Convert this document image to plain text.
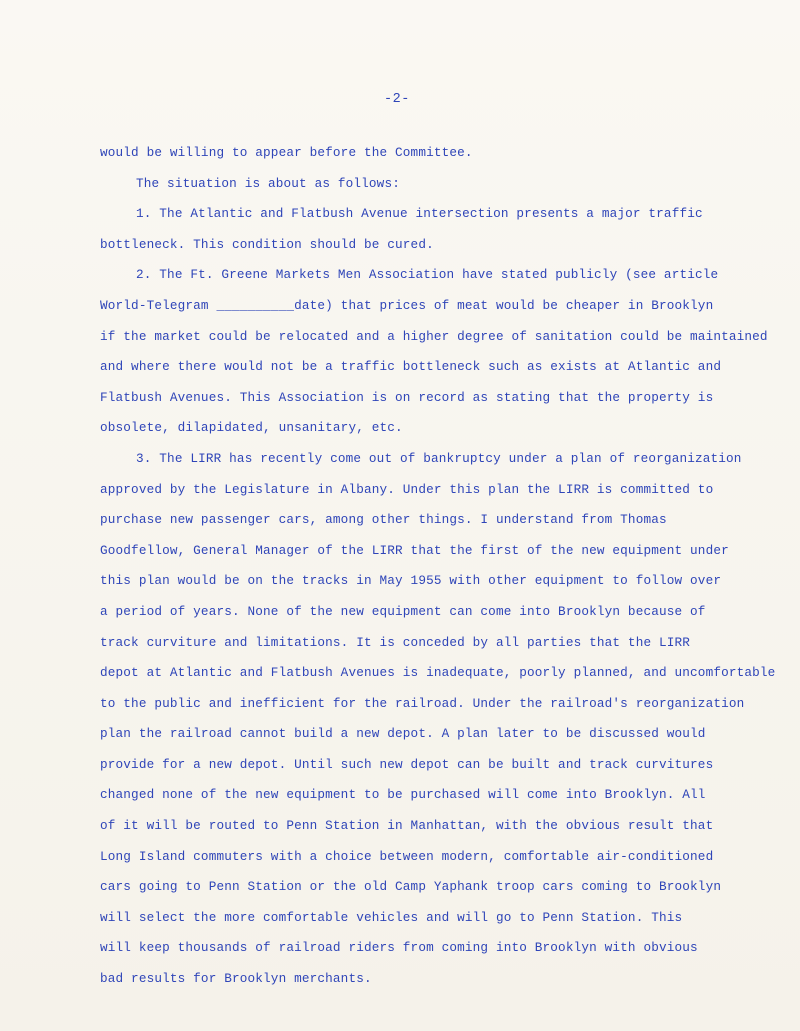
-2-
would be willing to appear before the Committee.
The situation is about as follows:
1. The Atlantic and Flatbush Avenue intersection presents a major traffic
bottleneck. This condition should be cured.
2. The Ft. Greene Markets Men Association have stated publicly (see article
World-Telegram __________date) that prices of meat would be cheaper in Brooklyn
if the market could be relocated and a higher degree of sanitation could be maintained
and where there would not be a traffic bottleneck such as exists at Atlantic and
Flatbush Avenues. This Association is on record as stating that the property is
obsolete, dilapidated, unsanitary, etc.
3. The LIRR has recently come out of bankruptcy under a plan of reorganization
approved by the Legislature in Albany. Under this plan the LIRR is committed to
purchase new passenger cars, among other things. I understand from Thomas
Goodfellow, General Manager of the LIRR that the first of the new equipment under
this plan would be on the tracks in May 1955 with other equipment to follow over
a period of years. None of the new equipment can come into Brooklyn because of
track curviture and limitations. It is conceded by all parties that the LIRR
depot at Atlantic and Flatbush Avenues is inadequate, poorly planned, and uncomfortable
to the public and inefficient for the railroad. Under the railroad's reorganization
plan the railroad cannot build a new depot. A plan later to be discussed would
provide for a new depot. Until such new depot can be built and track curvitures
changed none of the new equipment to be purchased will come into Brooklyn. All
of it will be routed to Penn Station in Manhattan, with the obvious result that
Long Island commuters with a choice between modern, comfortable air-conditioned
cars going to Penn Station or the old Camp Yaphank troop cars coming to Brooklyn
will select the more comfortable vehicles and will go to Penn Station. This
will keep thousands of railroad riders from coming into Brooklyn with obvious
bad results for Brooklyn merchants.
